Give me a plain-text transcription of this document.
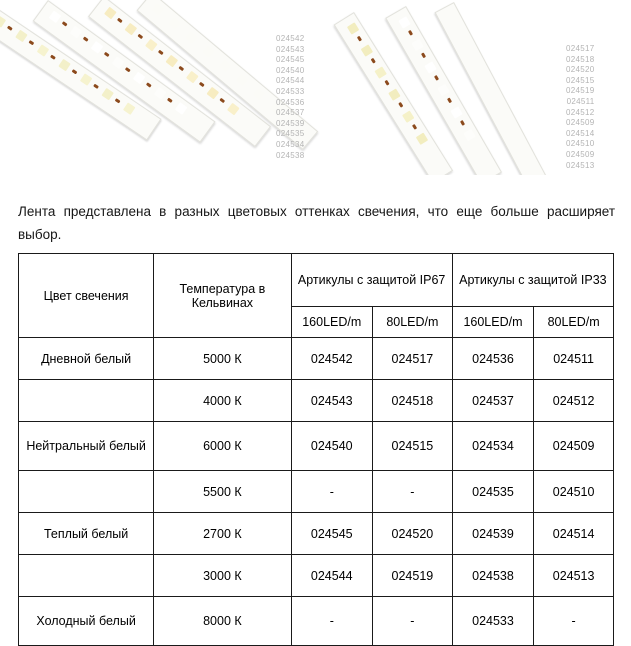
024542
024543
024545
024540
024544
024533
024536
024537
024539
024535
024534
024538
024517
024518
024520
024515
024519
024511
024512
024509
024514
024510
024509
024513

Лента представлена в разных цветовых оттенках свечения, что еще больше расширяет выбор.

Цвет свечения	Температура в Кельвинах	Артикулы с защитой IP67		Артикулы с защитой IP33	
		160LED/m	80LED/m	160LED/m	80LED/m
Дневной белый	5000 К	024542	024517	024536	024511
	4000 К	024543	024518	024537	024512
Нейтральный белый	6000 К	024540	024515	024534	024509
	5500 К	-	-	024535	024510
Теплый белый	2700 К	024545	024520	024539	024514
	3000 К	024544	024519	024538	024513
Холодный белый	8000 К	-	-	024533	-
